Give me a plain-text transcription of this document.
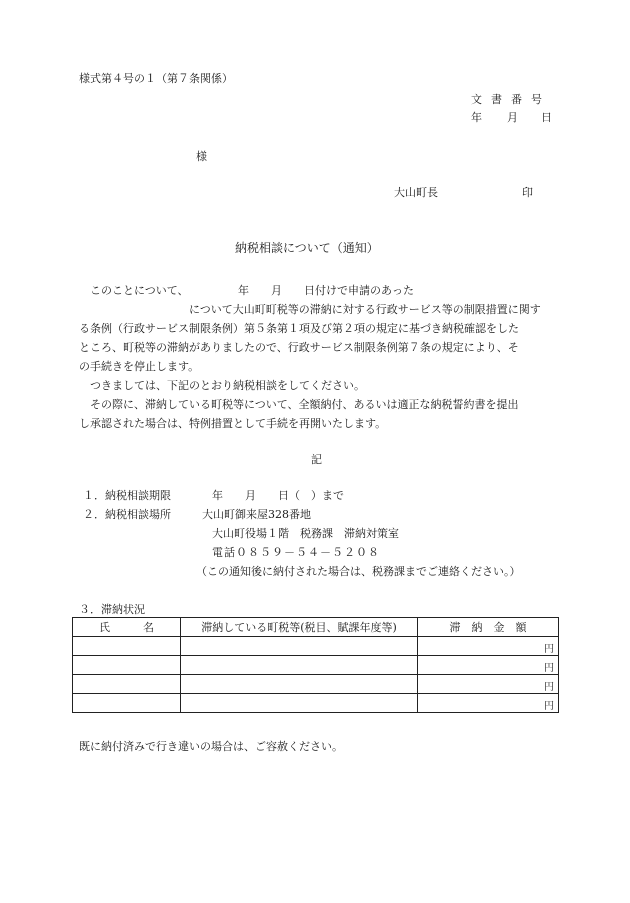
様式第４号の１（第７条関係）
文書番号
年 月 日
様
大山町長	印
納税相談について（通知）

　このことについて、　　　　　年　　月　　日付けで申請のあった

　　　　　　　　　　について大山町町税等の滞納に対する行政サービス等の制限措置に関す

る条例（行政サービス制限条例）第５条第１項及び第２項の規定に基づき納税確認をした

ところ、町税等の滞納がありましたので、行政サービス制限条例第７条の規定により、そ

の手続きを停止します。

　つきましては、下記のとおり納税相談をしてください。

　その際に、滞納している町税等について、全額納付、あるいは適正な納税誓約書を提出

し承認された場合は、特例措置として手続を再開いたします。

記
１．納税相談期限	年　　月　　日（　）まで
２．納税相談場所	大山町御来屋328番地
大山町役場１階　税務課　滞納対策室
電話０８５９－５４－５２０８
（この通知後に納付された場合は、税務課までご連絡ください。）
３．滞納状況
氏　　　名	滞納している町税等(税目、賦課年度等)	滞　納　金　額
		円
		円
		円
		円
既に納付済みで行き違いの場合は、ご容赦ください。
